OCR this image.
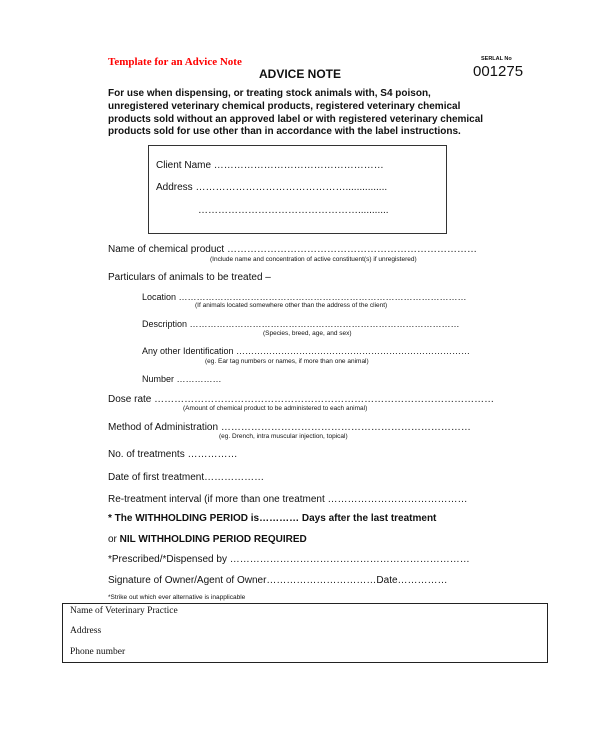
Template for an Advice Note
ADVICE NOTE
SERLAL No
001275
For use when dispensing, or treating stock animals with, S4 poison,
unregistered veterinary chemical products, registered veterinary chemical
products sold without an approved label or with registered veterinary chemical
products sold for use other than in accordance with the label instructions.
Client Name ……………………………………………
Address ………………………………………...............
…………………………………………...........
Name of chemical product …………………………………………………………………
(Include name and concentration of active constituent(s) if unregistered)
Particulars of animals to be treated –
Location ……………………………………………………………………………………
(If animals located somewhere other than the address of the client)
Description ………………………………………………………………………………
(Species, breed, age, and sex)
Any other Identification ……………………………………………………………………
(eg. Ear tag numbers or names, if more than one animal)
Number ……………
Dose rate …………………………………………………………………………………………
(Amount of chemical product to be administered to each animal)
Method of Administration …………………………………………………………………
(eg. Drench, intra muscular injection, topical)
No. of treatments ……………
Date of first treatment………………
Re-treatment interval (if more than one treatment ……………………………………
* The WITHHOLDING PERIOD is………… Days after the last treatment
or NIL WITHHOLDING PERIOD REQUIRED
*Prescribed/*Dispensed by ………………………………………………………………
Signature of Owner/Agent of Owner……………………………Date……………
*Strike out which ever alternative is inapplicable
Name of Veterinary Practice
Address
Phone number
